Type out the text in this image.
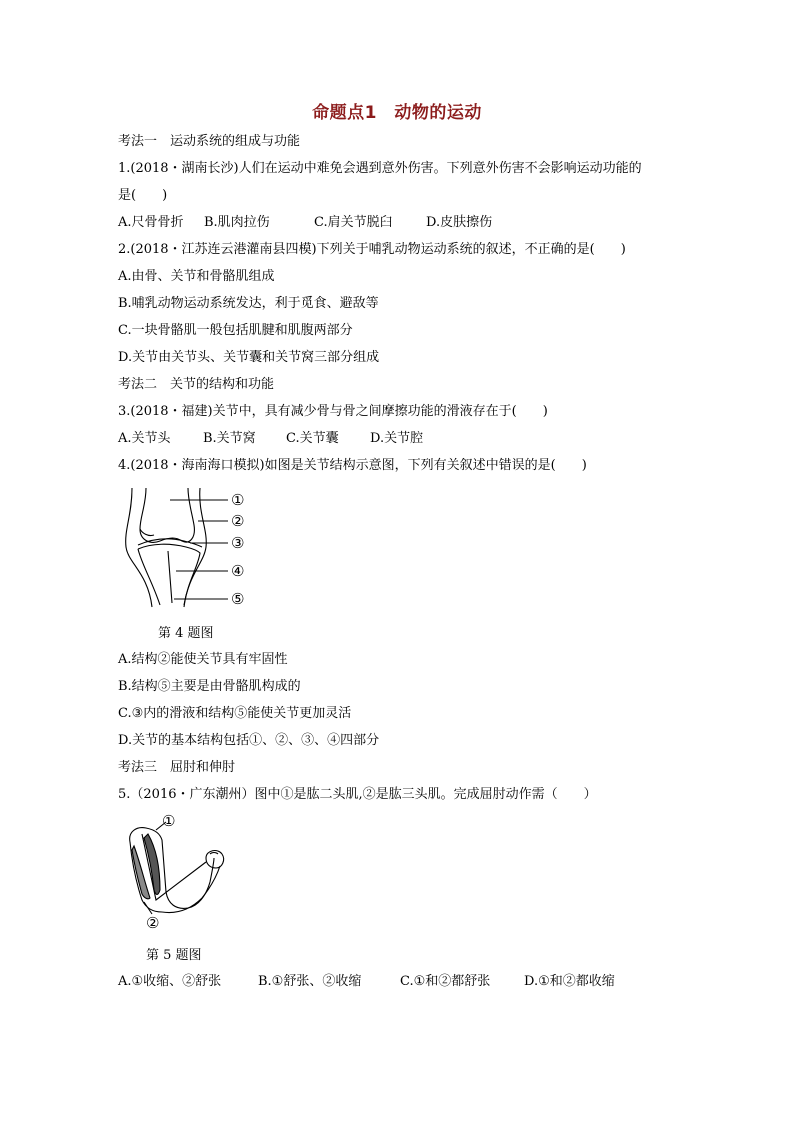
命题点1　动物的运动
考法一　运动系统的组成与功能
1.(2018・湖南长沙)人们在运动中难免会遇到意外伤害。下列意外伤害不会影响运动功能的
是(　　)
A.尺骨骨折 B.肌肉拉伤	C.肩关节脱臼	D.皮肤擦伤
2.(2018・江苏连云港灌南县四模)下列关于哺乳动物运动系统的叙述，不正确的是(　　)
A.由骨、关节和骨骼肌组成
B.哺乳动物运动系统发达，利于觅食、避敌等
C.一块骨骼肌一般包括肌腱和肌腹两部分
D.关节由关节头、关节囊和关节窝三部分组成
考法二　关节的结构和功能
3.(2018・福建)关节中，具有减少骨与骨之间摩擦功能的滑液存在于(　　)
A.关节头 B.关节窝 C.关节囊 D.关节腔
4.(2018・海南海口模拟)如图是关节结构示意图，下列有关叙述中错误的是(　　)
①
②
③
④
⑤
第 4 题图
A.结构②能使关节具有牢固性
B.结构⑤主要是由骨骼肌构成的
C.③内的滑液和结构⑤能使关节更加灵活
D.关节的基本结构包括①、②、③、④四部分
考法三　屈肘和伸肘
5.（2016・广东潮州）图中①是肱二头肌,②是肱三头肌。完成屈肘动作需（　　）
①
②
第 5 题图
A.①收缩、②舒张	B.①舒张、②收缩	C.①和②都舒张	D.①和②都收缩
